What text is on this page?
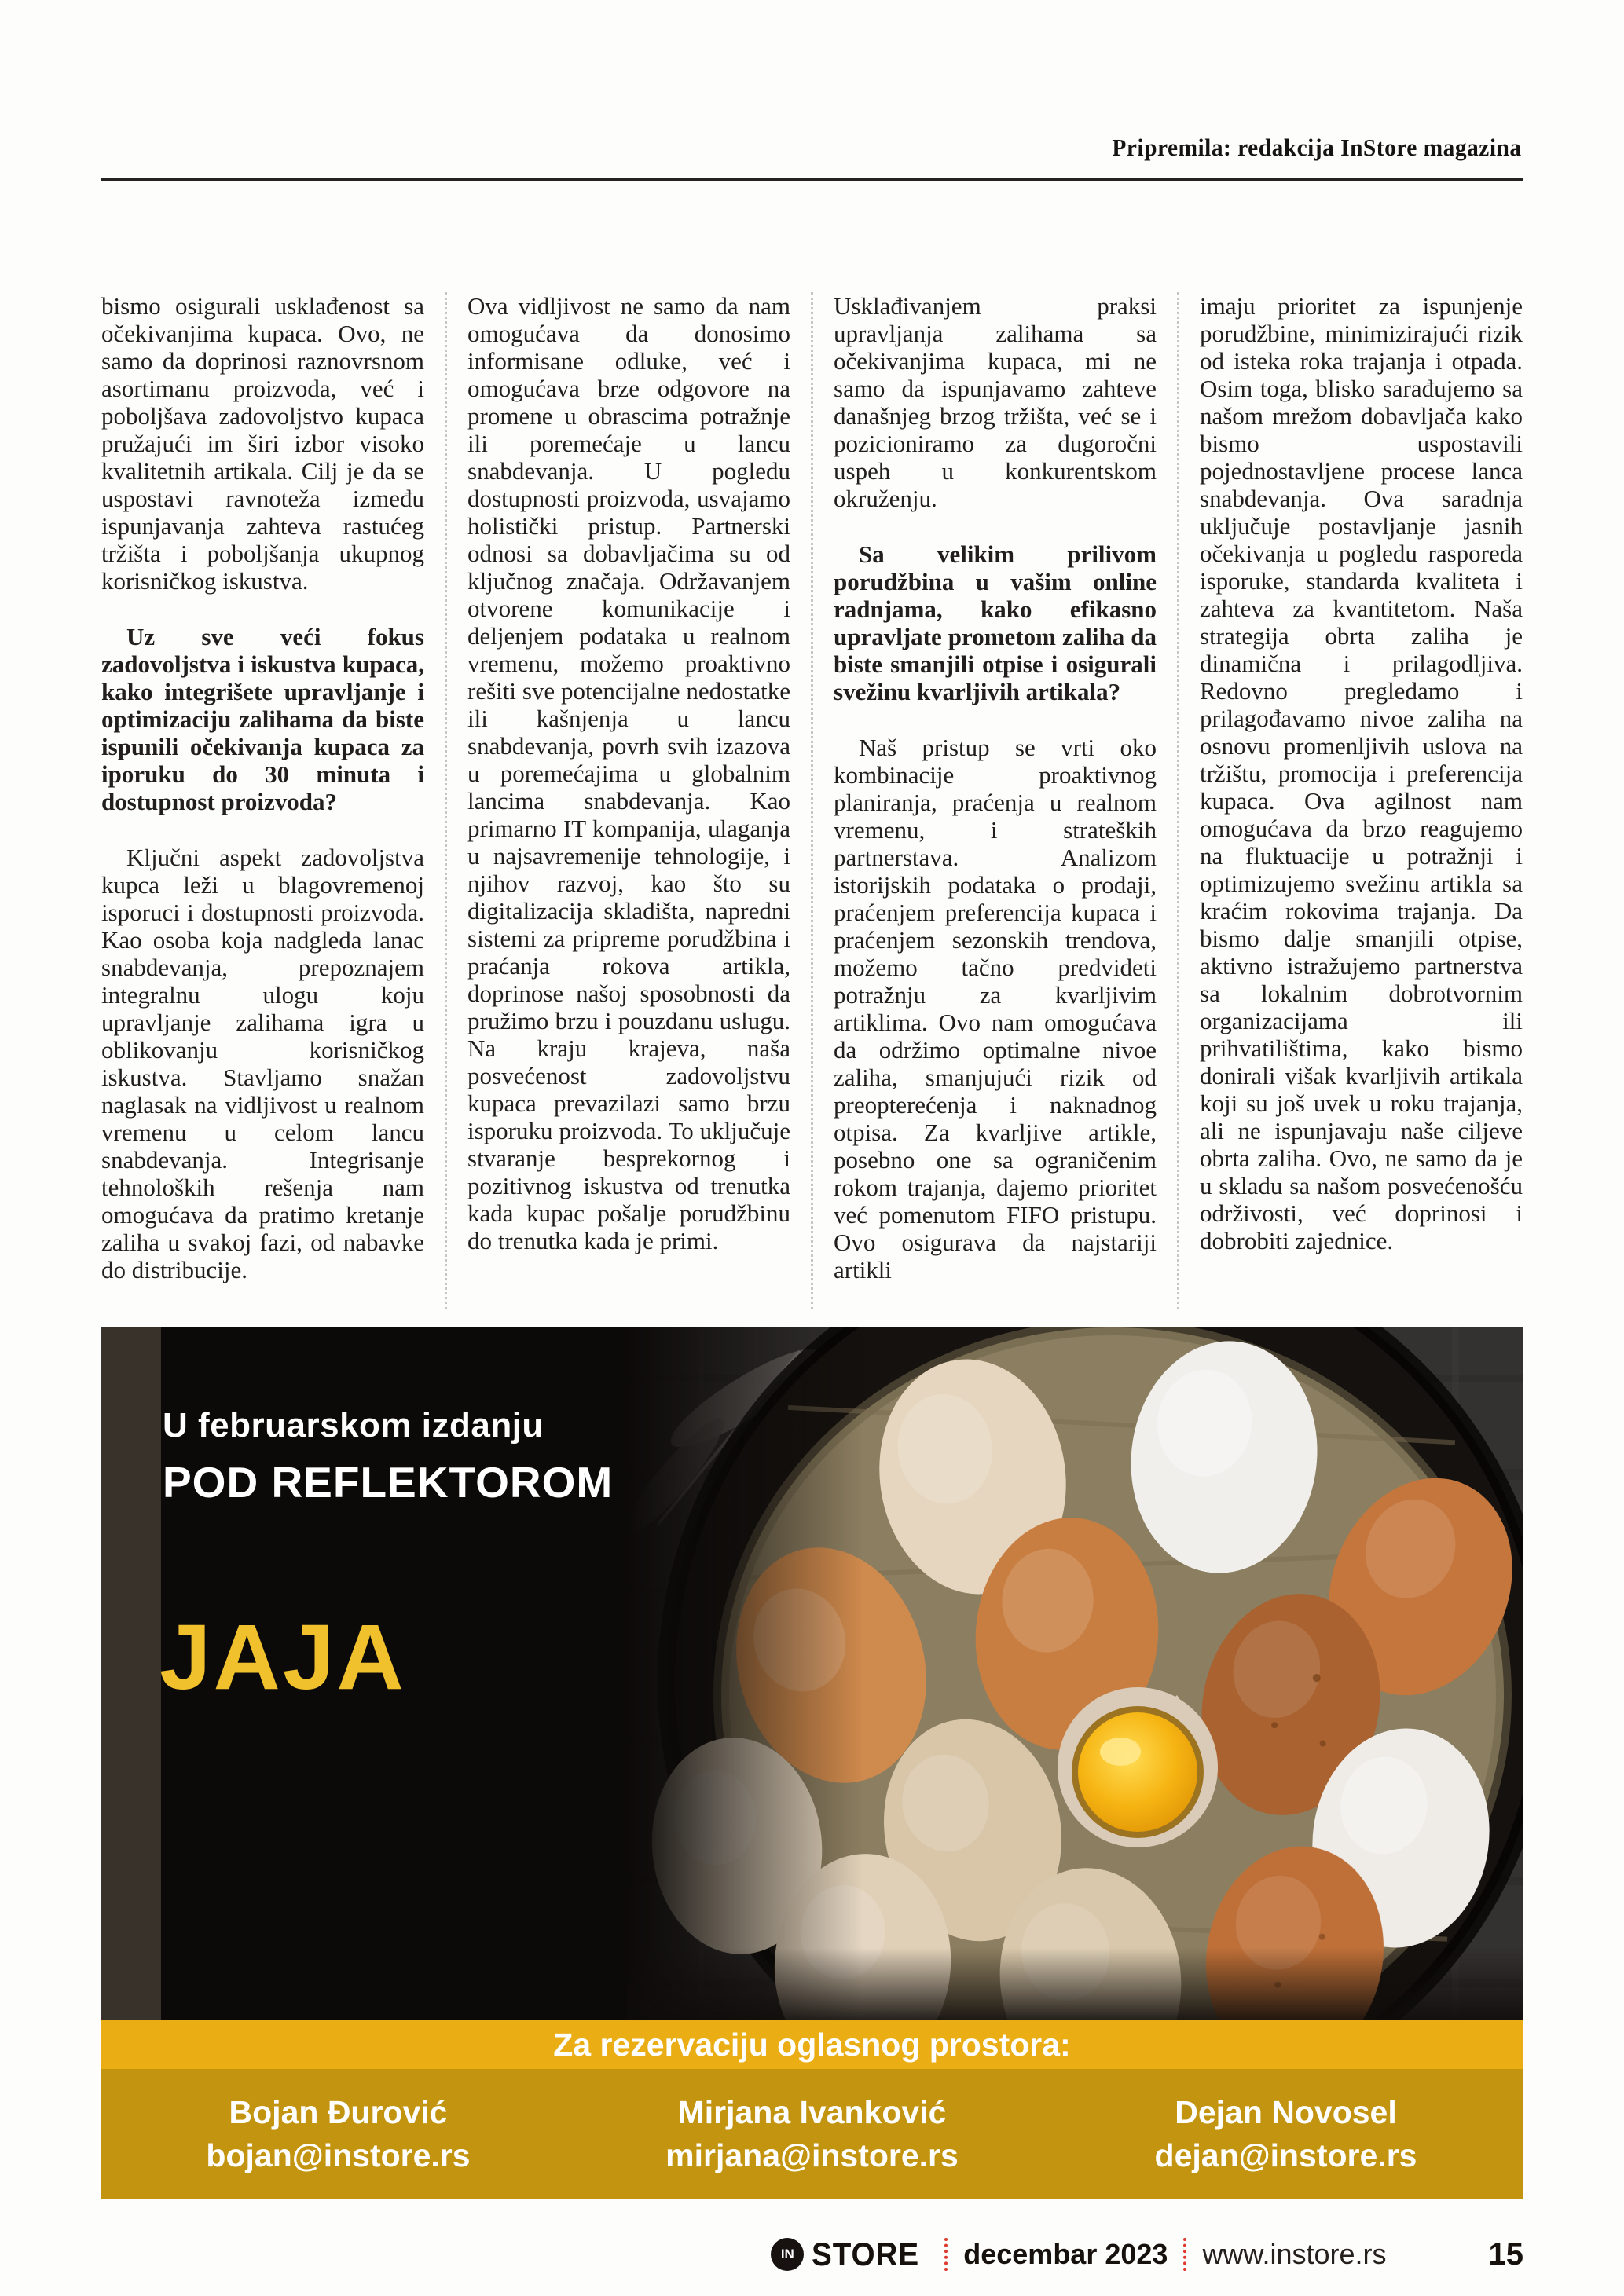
Pripremila: redakcija InStore magazina

bismo osigurali usklađenost sa očekivanjima kupaca. Ovo, ne samo da doprinosi raznovrsnom asortimanu proizvoda, već i poboljšava zadovoljstvo kupaca pružajući im širi izbor visoko kvalitetnih artikala. Cilj je da se uspostavi ravnoteža između ispunjavanja zahteva rastućeg tržišta i poboljšanja ukupnog korisničkog iskustva.

Uz sve veći fokus zadovoljstva i iskustva kupaca, kako integrišete upravljanje i optimizaciju zalihama da biste ispunili očekivanja kupaca za iporuku do 30 minuta i dostupnost proizvoda?

Ključni aspekt zadovoljstva kupca leži u blagovremenoj isporuci i dostupnosti proizvoda. Kao osoba koja nadgleda lanac snabdevanja, prepoznajem integralnu ulogu koju upravljanje zalihama igra u oblikovanju korisničkog iskustva. Stavljamo snažan naglasak na vidljivost u realnom vremenu u celom lancu snabdevanja. Integrisanje tehnoloških rešenja nam omogućava da pratimo kretanje zaliha u svakoj fazi, od nabavke do distribucije.

Ova vidljivost ne samo da nam omogućava da donosimo informisane odluke, već i omogućava brze odgovore na promene u obrascima potražnje ili poremećaje u lancu snabdevanja. U pogledu dostupnosti proizvoda, usvajamo holistički pristup. Partnerski odnosi sa dobavljačima su od ključnog značaja. Održavanjem otvorene komunikacije i deljenjem podataka u realnom vremenu, možemo proaktivno rešiti sve potencijalne nedostatke ili kašnjenja u lancu snabdevanja, povrh svih izazova u poremećajima u globalnim lancima snabdevanja. Kao primarno IT kompanija, ulaganja u najsavremenije tehnologije, i njihov razvoj, kao što su digitalizacija skladišta, napredni sistemi za pripreme porudžbina i praćanja rokova artikla, doprinose našoj sposobnosti da pružimo brzu i pouzdanu uslugu. Na kraju krajeva, naša posvećenost zadovoljstvu kupaca prevazilazi samo brzu isporuku proizvoda. To uključuje stvaranje besprekornog i pozitivnog iskustva od trenutka kada kupac pošalje porudžbinu do trenutka kada je primi.

Usklađivanjem praksi upravljanja zalihama sa očekivanjima kupaca, mi ne samo da ispunjavamo zahteve današnjeg brzog tržišta, već se i pozicioniramo za dugoročni uspeh u konkurentskom okruženju.

Sa velikim prilivom porudžbina u vašim online radnjama, kako efikasno upravljate prometom zaliha da biste smanjili otpise i osigurali svežinu kvarljivih artikala?

Naš pristup se vrti oko kombinacije proaktivnog planiranja, praćenja u realnom vremenu, i strateških partnerstava. Analizom istorijskih podataka o prodaji, praćenjem preferencija kupaca i praćenjem sezonskih trendova, možemo tačno predvideti potražnju za kvarljivim artiklima. Ovo nam omogućava da održimo optimalne nivoe zaliha, smanjujući rizik od preopterećenja i naknadnog otpisa. Za kvarljive artikle, posebno one sa ograničenim rokom trajanja, dajemo prioritet već pomenutom FIFO pristupu. Ovo osigurava da najstariji artikli

imaju prioritet za ispunjenje porudžbine, minimizirajući rizik od isteka roka trajanja i otpada. Osim toga, blisko sarađujemo sa našom mrežom dobavljača kako bismo uspostavili pojednostavljene procese lanca snabdevanja. Ova saradnja uključuje postavljanje jasnih očekivanja u pogledu rasporeda isporuke, standarda kvaliteta i zahteva za kvantitetom. Naša strategija obrta zaliha je dinamična i prilagodljiva. Redovno pregledamo i prilagođavamo nivoe zaliha na osnovu promenljivih uslova na tržištu, promocija i preferencija kupaca. Ova agilnost nam omogućava da brzo reagujemo na fluktuacije u potražnji i optimizujemo svežinu artikla sa kraćim rokovima trajanja. Da bismo dalje smanjili otpise, aktivno istražujemo partnerstva sa lokalnim dobrotvornim organizacijama ili prihvatilištima, kako bismo donirali višak kvarljivih artikala koji su još uvek u roku trajanja, ali ne ispunjavaju naše ciljeve obrta zaliha. Ovo, ne samo da je u skladu sa našom posvećenošću održivosti, već doprinosi i dobrobiti zajednice.

U februarskom izdanju
POD REFLEKTOROM
JAJA
Za rezervaciju oglasnog prostora:
Bojan Đurović
bojan@instore.rs
Mirjana Ivanković
mirjana@instore.rs
Dejan Novosel
dejan@instore.rs
IN STORE decembar 2023 www.instore.rs	15
